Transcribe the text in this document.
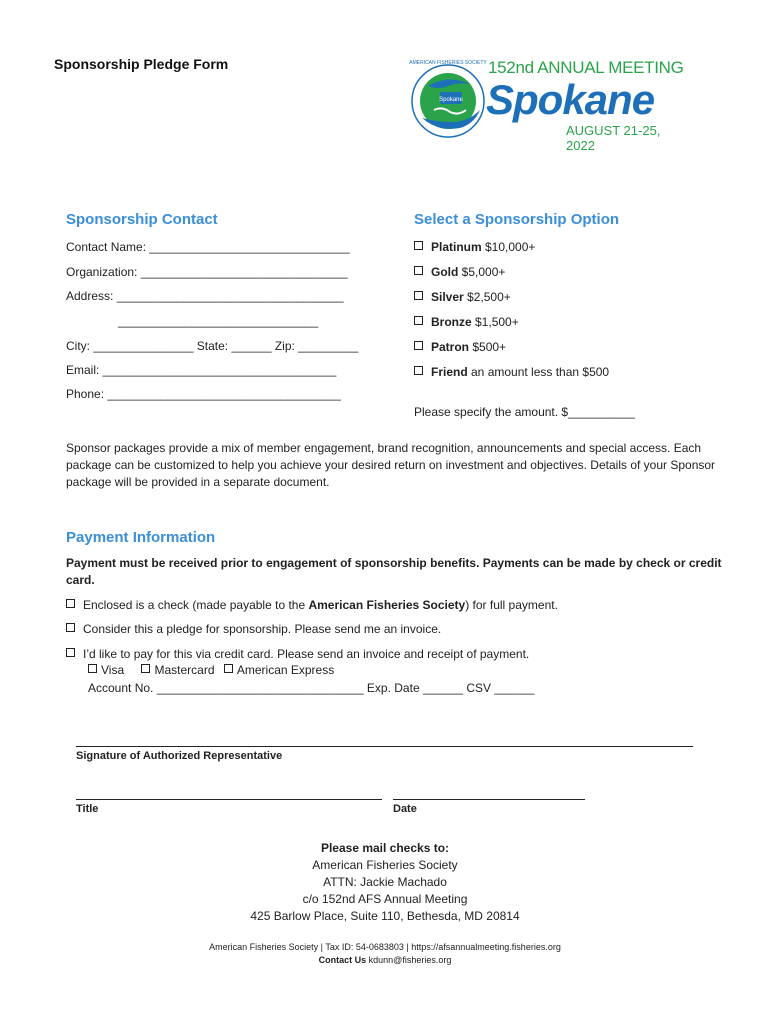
Sponsorship Pledge Form
Spokane
AMERICAN FISHERIES SOCIETY 152nd ANNUAL MEETING
Spokane
AUGUST 21-25, 2022
Sponsorship Contact
Contact Name: ______________________________
Organization: _______________________________
Address: __________________________________
______________________________
City: _______________ State: ______ Zip: _________
Email: ___________________________________
Phone: ___________________________________
Select a Sponsorship Option
Platinum $10,000+
Gold $5,000+
Silver $2,500+
Bronze $1,500+
Patron $500+
Friend an amount less than $500
Please specify the amount. $__________
Sponsor packages provide a mix of member engagement, brand recognition, announcements and special access. Each package can be customized to help you achieve your desired return on investment and objectives. Details of your Sponsor package will be provided in a separate document.
Payment Information
Payment must be received prior to engagement of sponsorship benefits. Payments can be made by check or credit card.
Enclosed is a check (made payable to the American Fisheries Society) for full payment.
Consider this a pledge for sponsorship. Please send me an invoice.
I’d like to pay for this via credit card. Please send an invoice and receipt of payment.
Visa	Mastercard American Express
Account No. _______________________________ Exp. Date ______ CSV ______
Signature of Authorized Representative
Title	Date
Please mail checks to:
American Fisheries Society
ATTN: Jackie Machado
c/o 152nd AFS Annual Meeting
425 Barlow Place, Suite 110, Bethesda, MD 20814
American Fisheries Society | Tax ID: 54-0683803 | https://afsannualmeeting.fisheries.org
Contact Us kdunn@fisheries.org
